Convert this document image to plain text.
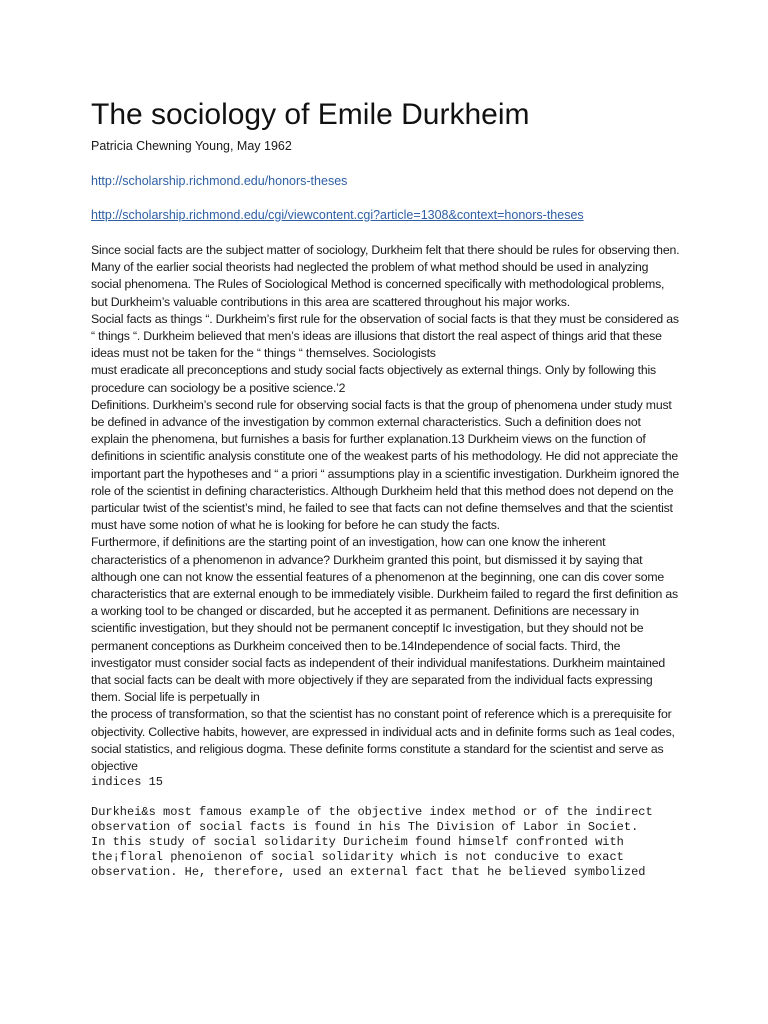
The sociology of Emile Durkheim
Patricia Chewning Young, May 1962
http://scholarship.richmond.edu/honors-theses
http://scholarship.richmond.edu/cgi/viewcontent.cgi?article=1308&context=honors-theses

Since social facts are the subject matter of sociology, Durkheim felt that there should be rules for observing then. Many of the earlier social theorists had neglected the problem of what method should be used in analyzing social phenomena. The Rules of Sociological Method is concerned specifically with methodological problems, but Durkheim’s valuable contributions in this area are scattered throughout his major works.

Social facts as things “. Durkheim’s first rule for the observation of social facts is that they must be considered as “ things “. Durkheim believed that men’s ideas are illusions that distort the real aspect of things arid that these ideas must not be taken for the “ things “ themselves. Sociologists

must eradicate all preconceptions and study social facts objectively as external things. Only by following this procedure can sociology be a positive science.’2

Definitions. Durkheim’s second rule for observing social facts is that the group of phenomena under study must be defined in advance of the investigation by common external characteristics. Such a definition does not explain the phenomena, but furnishes a basis for further explanation.13 Durkheim views on the function of definitions in scientific analysis constitute one of the weakest parts of his methodology. He did not appreciate the important part the hypotheses and “ a priori “ assumptions play in a scientific investigation. Durkheim ignored the role of the scientist in defining characteristics. Although Durkheim held that this method does not depend on the particular twist of the scientist’s mind, he failed to see that facts can not define themselves and that the scientist must have some notion of what he is looking for before he can study the facts.

Furthermore, if definitions are the starting point of an investigation, how can one know the inherent characteristics of a phenomenon in advance? Durkheim granted this point, but dismissed it by saying that although one can not know the essential features of a phenomenon at the beginning, one can dis cover some characteristics that are external enough to be immediately visible. Durkheim failed to regard the first definition as a working tool to be changed or discarded, but he accepted it as permanent. Definitions are necessary in scientific investigation, but they should not be permanent conceptif Ic investigation, but they should not be permanent conceptions as Durkheim conceived then to be.14Independence of social facts. Third, the investigator must consider social facts as independent of their individual manifestations. Durkheim maintained that social facts can be dealt with more objectively if they are separated from the individual facts expressing them. Social life is perpetually in

the process of transformation, so that the scientist has no constant point of reference which is a prerequisite for objectivity. Collective habits, however, are expressed in individual acts and in definite forms such as 1eal codes, social statistics, and religious dogma. These definite forms constitute a standard for the scientist and serve as objective

indices 15
Durkhei&s most famous example of the objective index method or of the indirect
observation of social facts is found in his The Division of Labor in Societ.
In this study of social solidarity Duricheim found himself confronted with
the¡floral phenoienon of social solidarity which is not conducive to exact
observation. He, therefore, used an external fact that he believed symbolized
